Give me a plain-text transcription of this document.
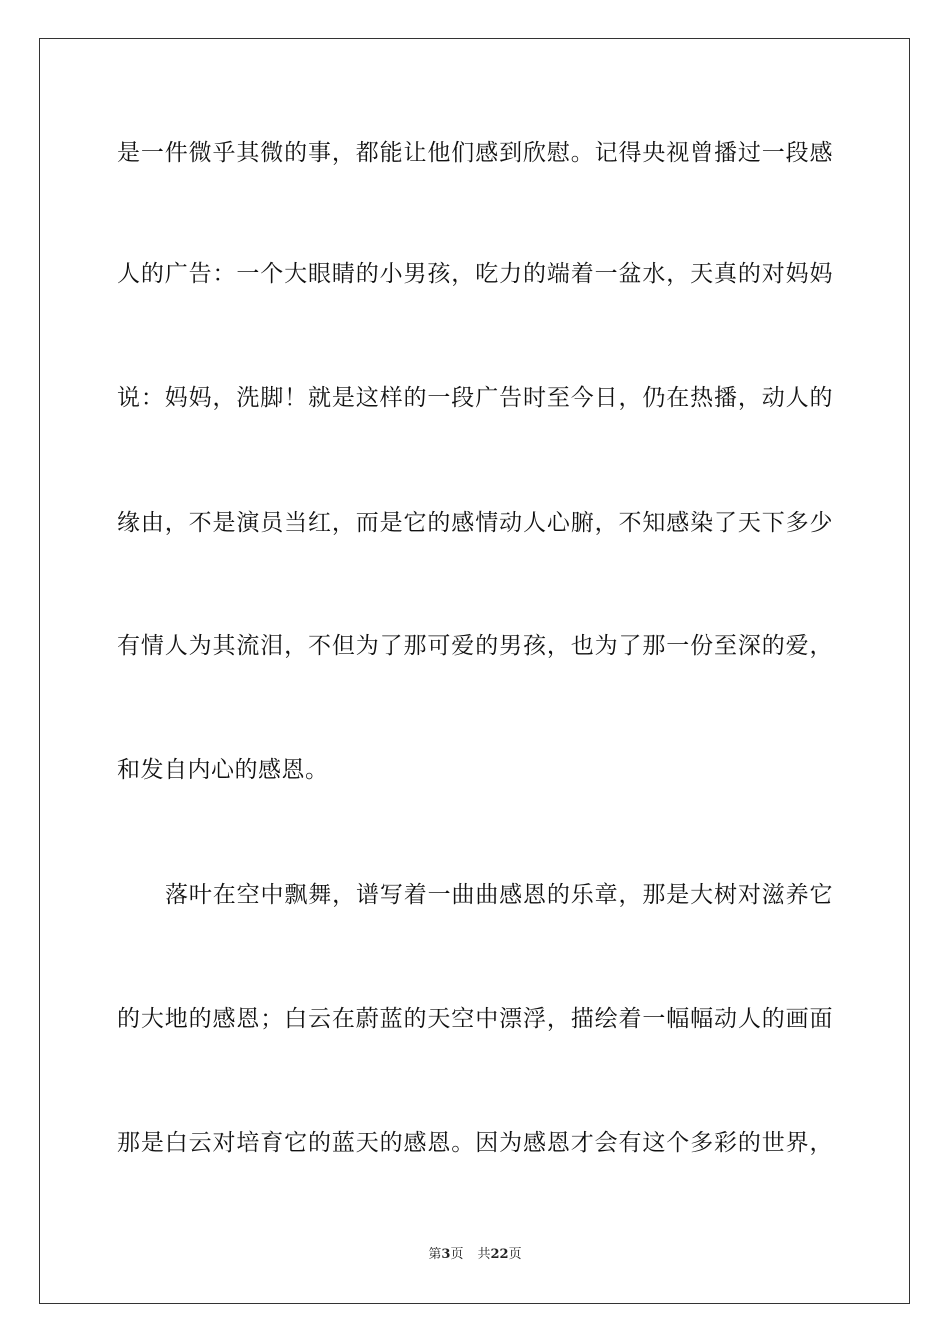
是一件微乎其微的事，都能让他们感到欣慰。记得央视曾播过一段感
人的广告：一个大眼睛的小男孩，吃力的端着一盆水，天真的对妈妈
说：妈妈，洗脚！就是这样的一段广告时至今日，仍在热播，动人的
缘由，不是演员当红，而是它的感情动人心腑，不知感染了天下多少
有情人为其流泪，不但为了那可爱的男孩，也为了那一份至深的爱，
和发自内心的感恩。
落叶在空中飘舞，谱写着一曲曲感恩的乐章，那是大树对滋养它
的大地的感恩；白云在蔚蓝的天空中漂浮，描绘着一幅幅动人的画面
那是白云对培育它的蓝天的感恩。因为感恩才会有这个多彩的世界，
第3页 共22页
